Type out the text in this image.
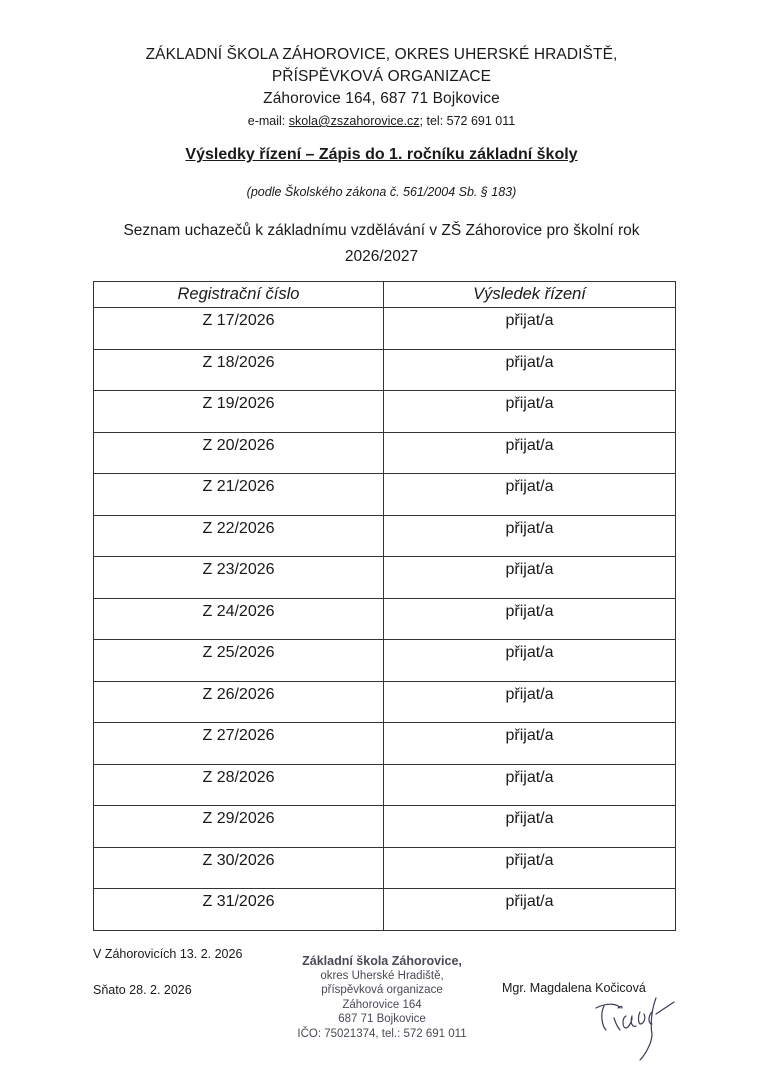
ZÁKLADNÍ ŠKOLA ZÁHOROVICE, OKRES UHERSKÉ HRADIŠTĚ,
PŘÍSPĚVKOVÁ ORGANIZACE
Záhorovice 164, 687 71 Bojkovice
e-mail: skola@zszahorovice.cz; tel: 572 691 011
Výsledky řízení – Zápis do 1. ročníku základní školy
(podle Školského zákona č. 561/2004 Sb. § 183)
Seznam uchazečů k základnímu vzdělávání v ZŠ Záhorovice pro školní rok
2026/2027
Registrační číslo	Výsledek řízení
Z 17/2026	přijat/a
Z 18/2026	přijat/a
Z 19/2026	přijat/a
Z 20/2026	přijat/a
Z 21/2026	přijat/a
Z 22/2026	přijat/a
Z 23/2026	přijat/a
Z 24/2026	přijat/a
Z 25/2026	přijat/a
Z 26/2026	přijat/a
Z 27/2026	přijat/a
Z 28/2026	přijat/a
Z 29/2026	přijat/a
Z 30/2026	přijat/a
Z 31/2026	přijat/a
V Záhorovicích 13. 2. 2026
Sňato 28. 2. 2026
Základní škola Záhorovice,
okres Uherské Hradiště,
příspěvková organizace
Záhorovice 164
687 71 Bojkovice
IČO: 75021374, tel.: 572 691 011
Mgr. Magdalena Kočicová
